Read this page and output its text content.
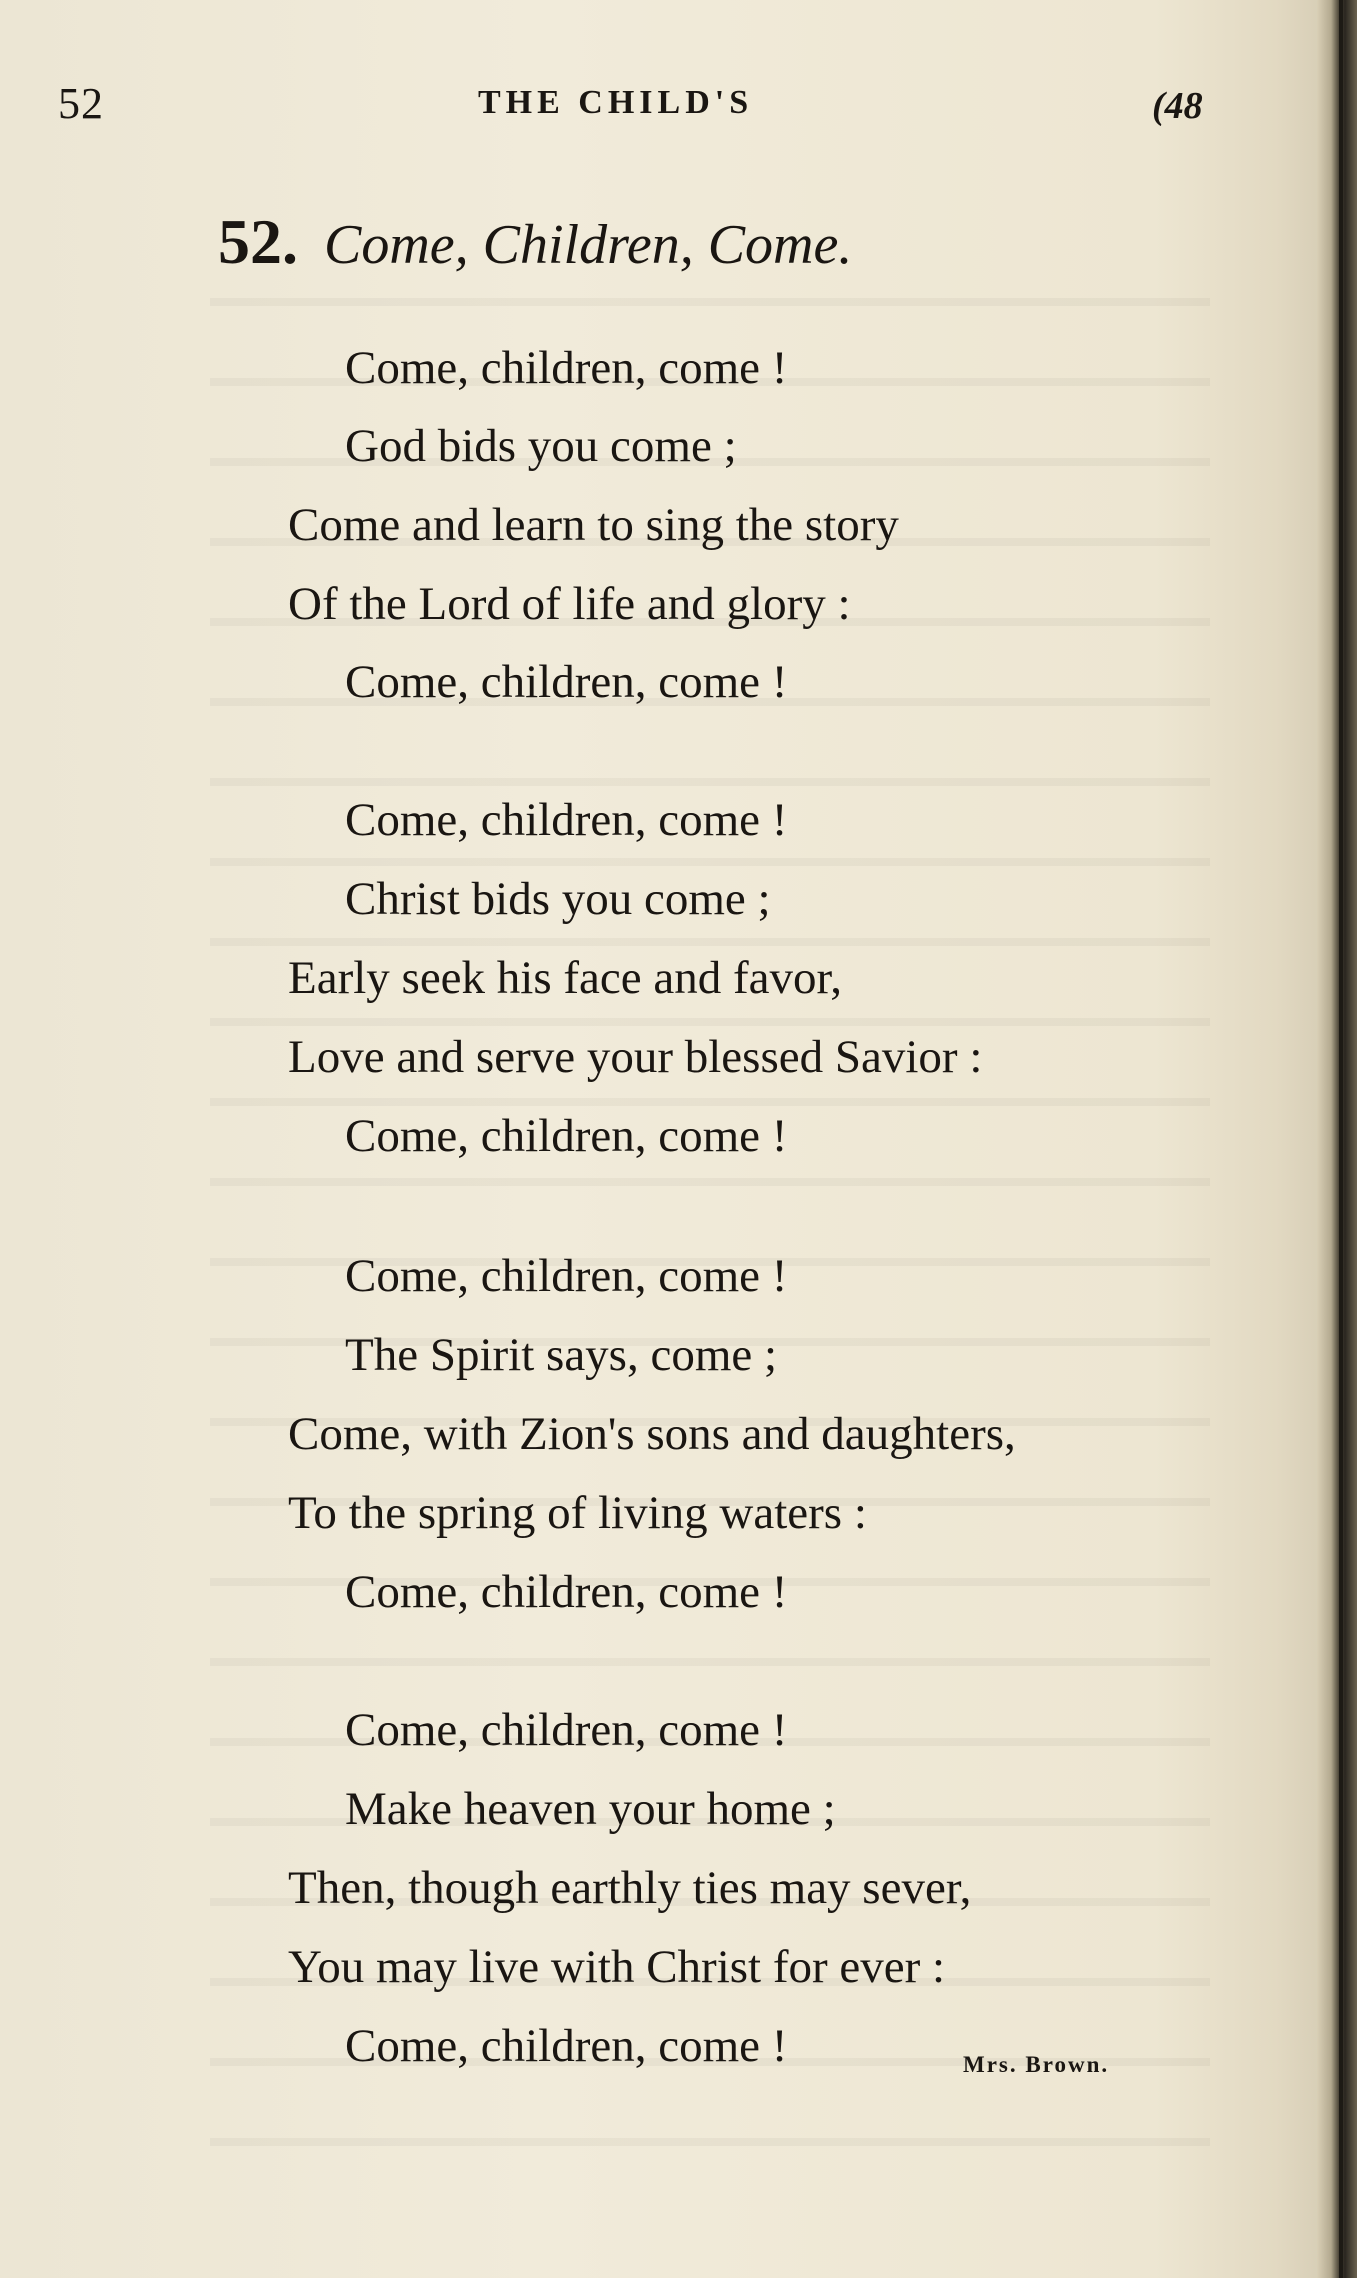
52	THE CHILD'S	(48
52. Come, Children, Come.
Come, children, come !
God bids you come ;
Come and learn to sing the story
Of the Lord of life and glory :
Come, children, come !
Come, children, come !
Christ bids you come ;
Early seek his face and favor,
Love and serve your blessed Savior :
Come, children, come !
Come, children, come !
The Spirit says, come ;
Come, with Zion's sons and daughters,
To the spring of living waters :
Come, children, come !
Come, children, come !
Make heaven your home ;
Then, though earthly ties may sever,
You may live with Christ for ever :
Come, children, come !	Mrs. Brown.
